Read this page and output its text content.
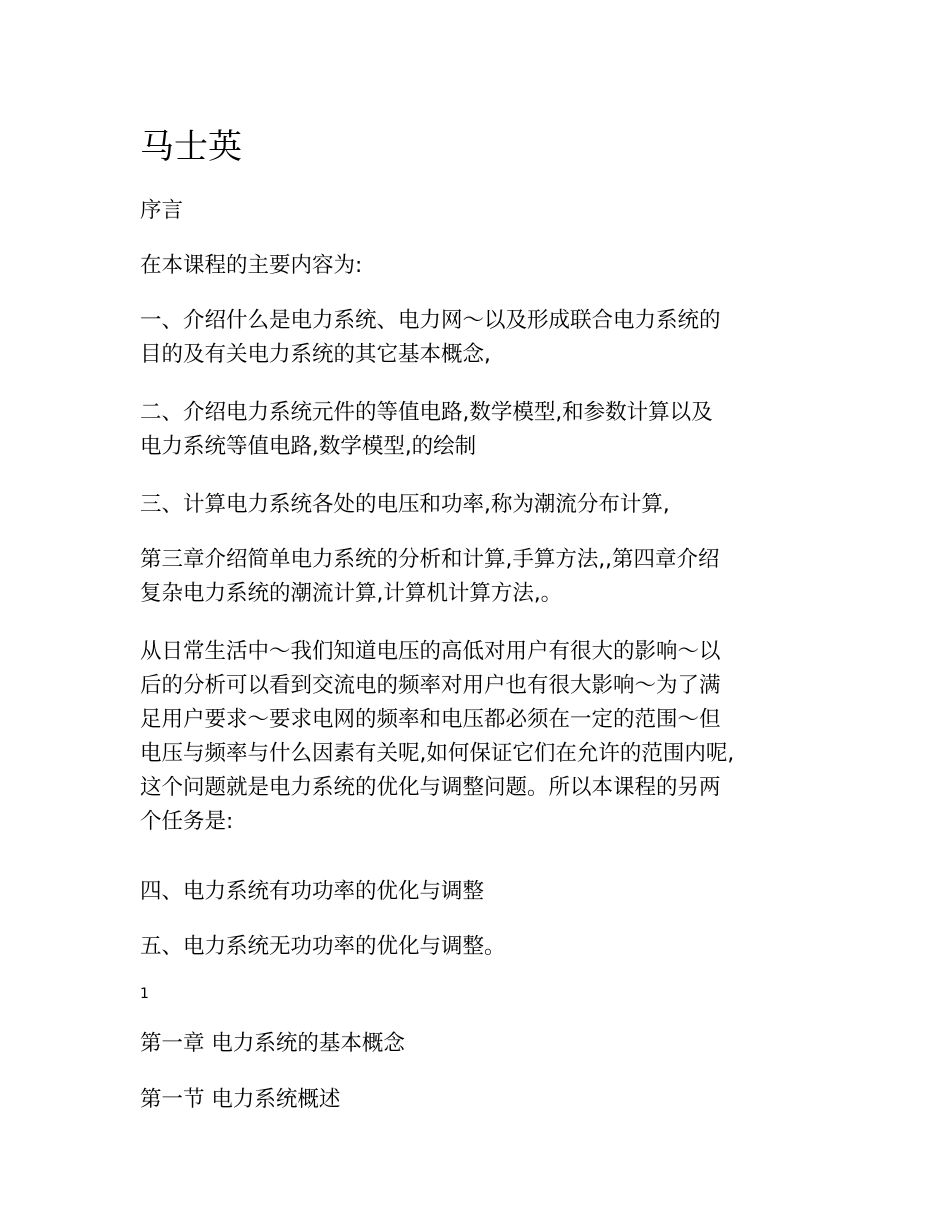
马士英

序言

在本课程的主要内容为:

一、介绍什么是电力系统、电力网～以及形成联合电力系统的
目的及有关电力系统的其它基本概念,

二、介绍电力系统元件的等值电路,数学模型,和参数计算以及
电力系统等值电路,数学模型,的绘制

三、计算电力系统各处的电压和功率,称为潮流分布计算,

第三章介绍简单电力系统的分析和计算,手算方法,,第四章介绍
复杂电力系统的潮流计算,计算机计算方法,。

从日常生活中～我们知道电压的高低对用户有很大的影响～以
后的分析可以看到交流电的频率对用户也有很大影响～为了满
足用户要求～要求电网的频率和电压都必须在一定的范围～但
电压与频率与什么因素有关呢,如何保证它们在允许的范围内呢,
这个问题就是电力系统的优化与调整问题。所以本课程的另两
个任务是:

四、电力系统有功功率的优化与调整

五、电力系统无功功率的优化与调整。

1

第一章 电力系统的基本概念

第一节 电力系统概述
